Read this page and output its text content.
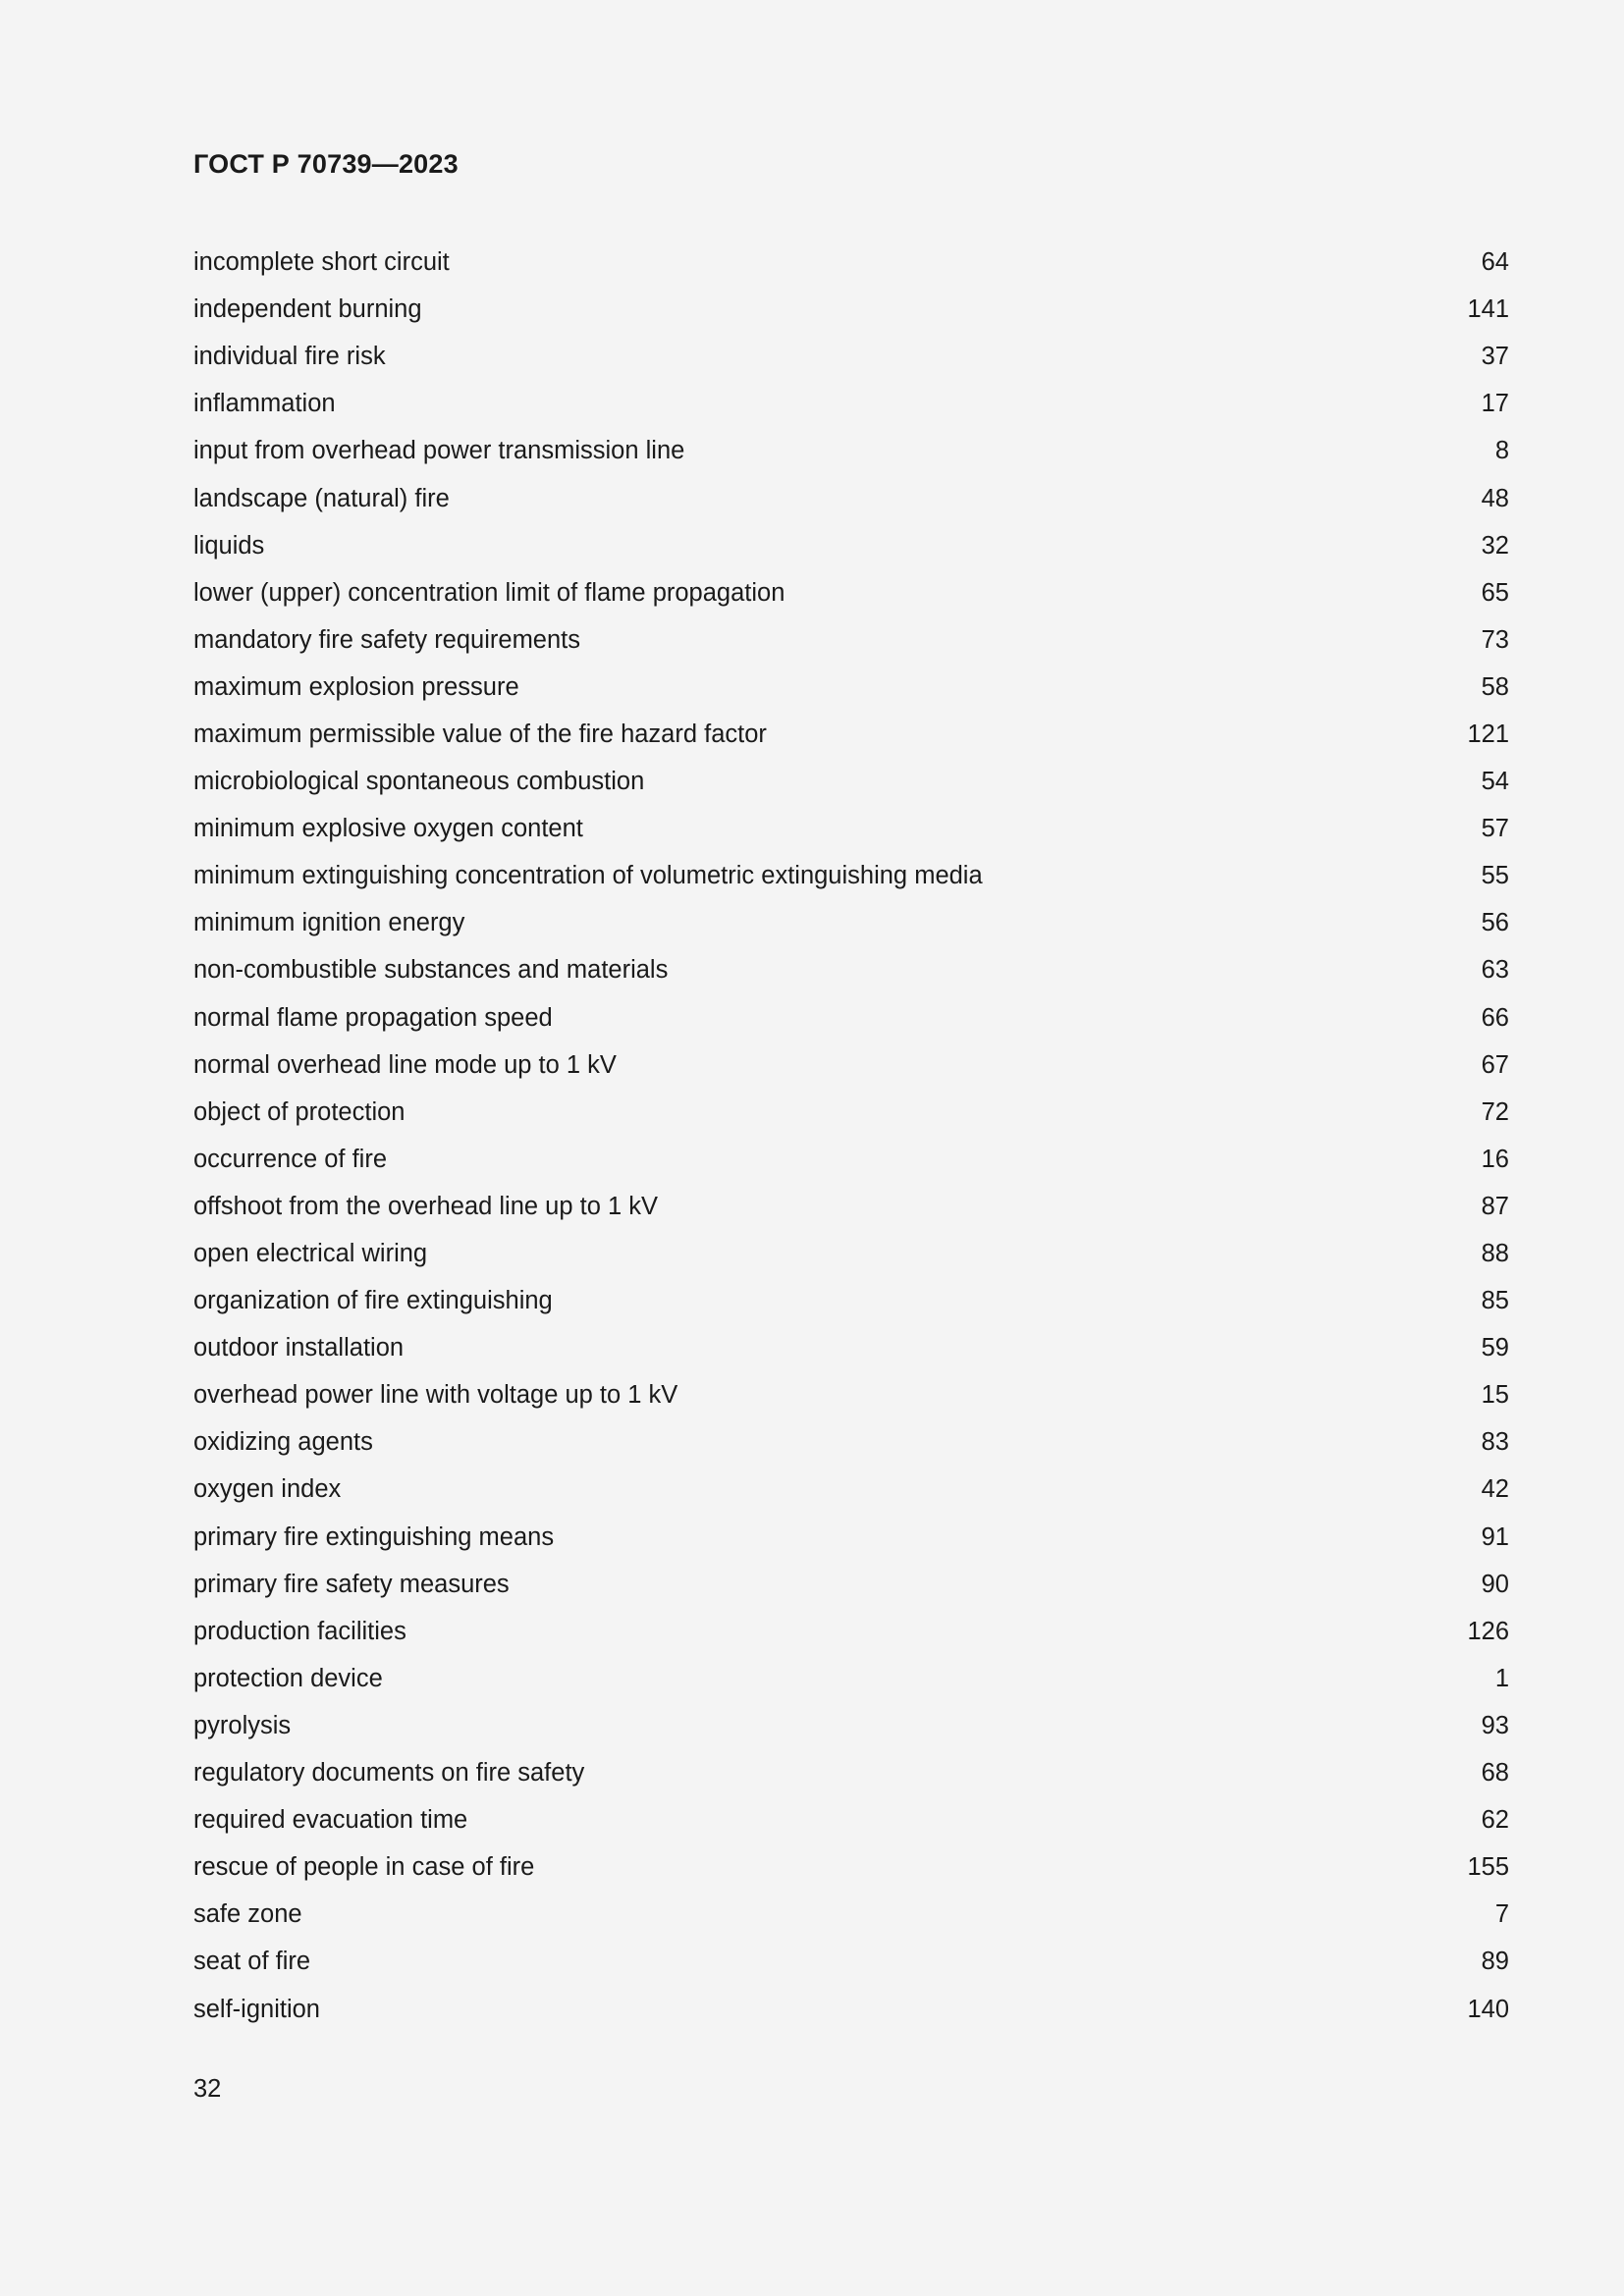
ГОСТ Р 70739—2023
incomplete short circuit	64
independent burning	141
individual fire risk	37
inflammation	17
input from overhead power transmission line	8
landscape (natural) fire	48
liquids	32
lower (upper) concentration limit of flame propagation	65
mandatory fire safety requirements	73
maximum explosion pressure	58
maximum permissible value of the fire hazard factor	121
microbiological spontaneous combustion	54
minimum explosive oxygen content	57
minimum extinguishing concentration of volumetric extinguishing media	55
minimum ignition energy	56
non-combustible substances and materials	63
normal flame propagation speed	66
normal overhead line mode up to 1 kV	67
object of protection	72
occurrence of fire	16
offshoot from the overhead line up to 1 kV	87
open electrical wiring	88
organization of fire extinguishing	85
outdoor installation	59
overhead power line with voltage up to 1 kV	15
oxidizing agents	83
oxygen index	42
primary fire extinguishing means	91
primary fire safety measures	90
production facilities	126
protection device	1
pyrolysis	93
regulatory documents on fire safety	68
required evacuation time	62
rescue of people in case of fire	155
safe zone	7
seat of fire	89
self-ignition	140
32
